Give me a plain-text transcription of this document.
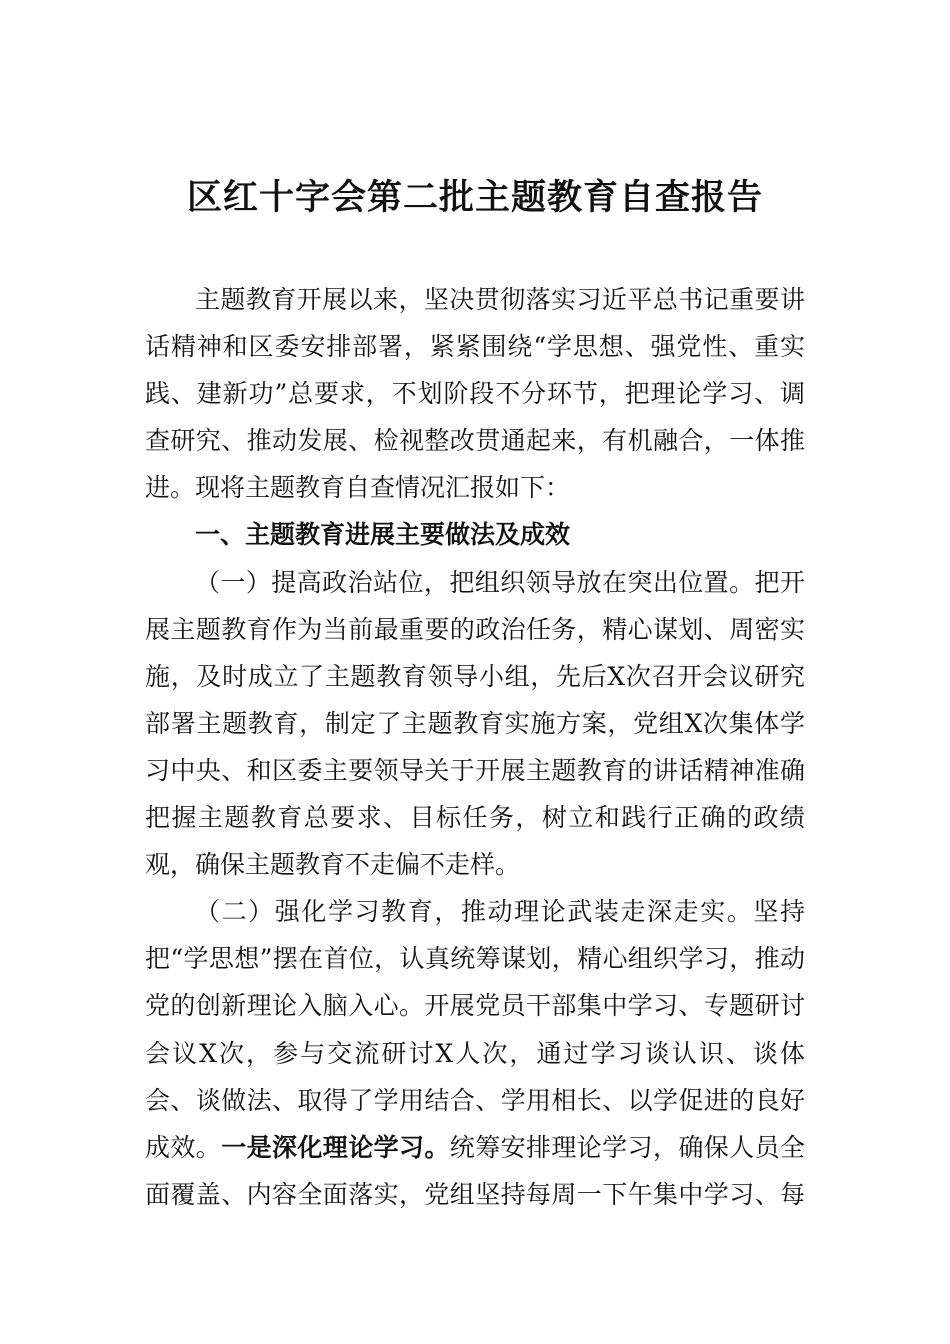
区红十字会第二批主题教育自查报告

主题教育开展以来，坚决贯彻落实习近平总书记重要讲话精神和区委安排部署，紧紧围绕“学思想、强党性、重实践、建新功”总要求，不划阶段不分环节，把理论学习、调查研究、推动发展、检视整改贯通起来，有机融合，一体推进。现将主题教育自查情况汇报如下：

一、主题教育进展主要做法及成效

（一）提高政治站位，把组织领导放在突出位置。把开展主题教育作为当前最重要的政治任务，精心谋划、周密实施，及时成立了主题教育领导小组，先后X次召开会议研究部署主题教育，制定了主题教育实施方案，党组X次集体学习中央、和区委主要领导关于开展主题教育的讲话精神准确把握主题教育总要求、目标任务，树立和践行正确的政绩观，确保主题教育不走偏不走样。

（二）强化学习教育，推动理论武装走深走实。坚持把“学思想”摆在首位，认真统筹谋划，精心组织学习，推动党的创新理论入脑入心。开展党员干部集中学习、专题研讨会议X次，参与交流研讨X人次，通过学习谈认识、谈体会、谈做法、取得了学用结合、学用相长、以学促进的良好成效。一是深化理论学习。统筹安排理论学习，确保人员全面覆盖、内容全面落实，党组坚持每周一下午集中学习、每
